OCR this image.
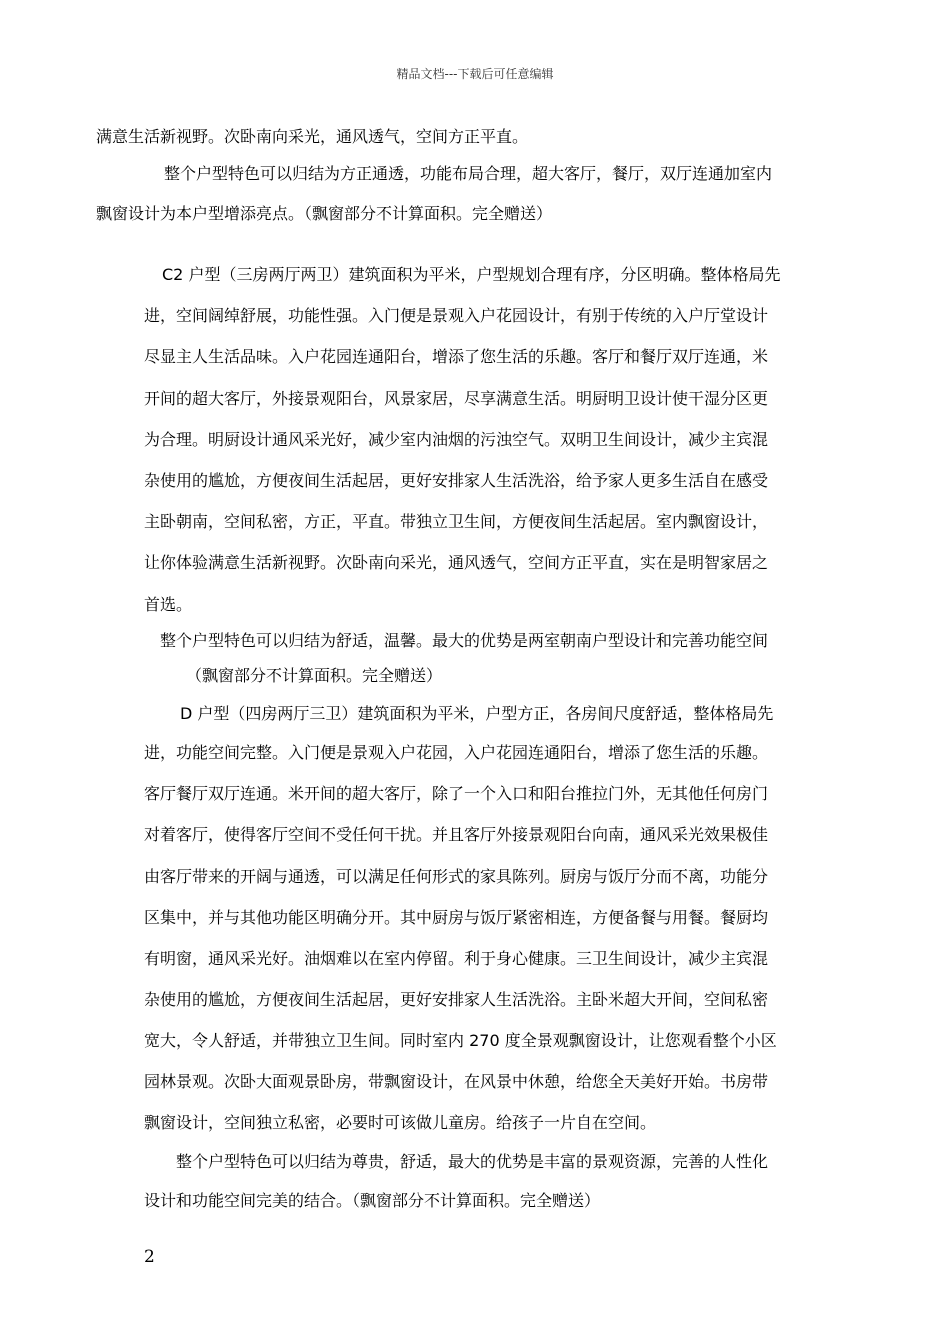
精品文档---下载后可任意编辑
满意生活新视野。次卧南向采光，通风透气，空间方正平直。
整个户型特色可以归结为方正通透，功能布局合理，超大客厅，餐厅，双厅连通加室内
飘窗设计为本户型增添亮点。（飘窗部分不计算面积。完全赠送）
C2 户型（三房两厅两卫）建筑面积为平米，户型规划合理有序，分区明确。整体格局先
进，空间阔绰舒展，功能性强。入门便是景观入户花园设计，有别于传统的入户厅堂设计
尽显主人生活品味。入户花园连通阳台，增添了您生活的乐趣。客厅和餐厅双厅连通，米
开间的超大客厅，外接景观阳台，风景家居，尽享满意生活。明厨明卫设计使干湿分区更
为合理。明厨设计通风采光好，减少室内油烟的污浊空气。双明卫生间设计，减少主宾混
杂使用的尴尬，方便夜间生活起居，更好安排家人生活洗浴，给予家人更多生活自在感受
主卧朝南，空间私密，方正，平直。带独立卫生间，方便夜间生活起居。室内飘窗设计，
让你体验满意生活新视野。次卧南向采光，通风透气，空间方正平直，实在是明智家居之
首选。
整个户型特色可以归结为舒适，温馨。最大的优势是两室朝南户型设计和完善功能空间
（飘窗部分不计算面积。完全赠送）
D 户型（四房两厅三卫）建筑面积为平米，户型方正，各房间尺度舒适，整体格局先
进，功能空间完整。入门便是景观入户花园，入户花园连通阳台，增添了您生活的乐趣。
客厅餐厅双厅连通。米开间的超大客厅，除了一个入口和阳台推拉门外，无其他任何房门
对着客厅，使得客厅空间不受任何干扰。并且客厅外接景观阳台向南，通风采光效果极佳
由客厅带来的开阔与通透，可以满足任何形式的家具陈列。厨房与饭厅分而不离，功能分
区集中，并与其他功能区明确分开。其中厨房与饭厅紧密相连，方便备餐与用餐。餐厨均
有明窗，通风采光好。油烟难以在室内停留。利于身心健康。三卫生间设计，减少主宾混
杂使用的尴尬，方便夜间生活起居，更好安排家人生活洗浴。主卧米超大开间，空间私密
宽大，令人舒适，并带独立卫生间。同时室内 270 度全景观飘窗设计，让您观看整个小区
园林景观。次卧大面观景卧房，带飘窗设计，在风景中休憩，给您全天美好开始。书房带
飘窗设计，空间独立私密，必要时可该做儿童房。给孩子一片自在空间。
整个户型特色可以归结为尊贵，舒适，最大的优势是丰富的景观资源，完善的人性化
设计和功能空间完美的结合。（飘窗部分不计算面积。完全赠送）
2
